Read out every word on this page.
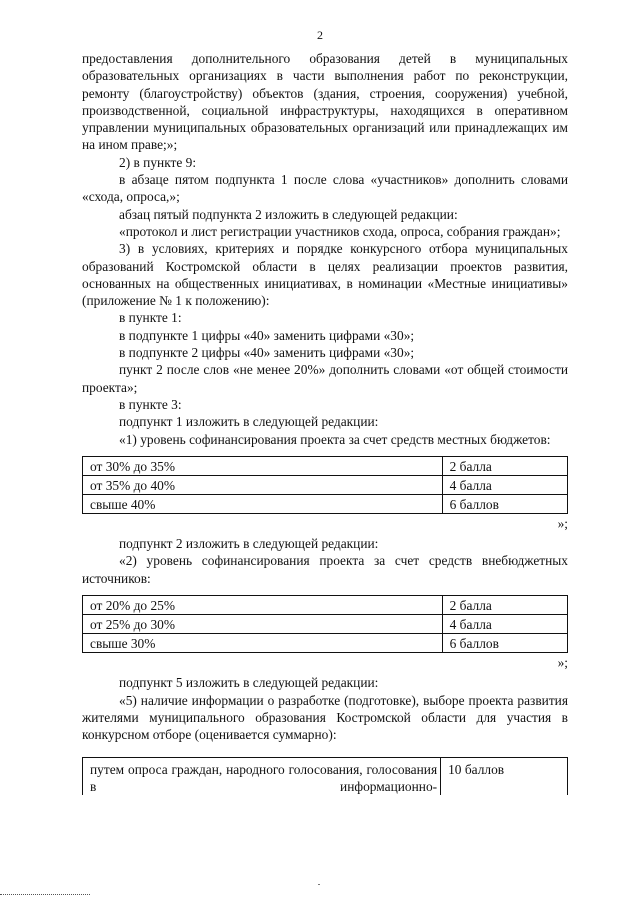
2

предоставления дополнительного образования детей в муниципальных образовательных организациях в части выполнения работ по реконструкции, ремонту (благоустройству) объектов (здания, строения, сооружения) учебной, производственной, социальной инфраструктуры, находящихся в оперативном управлении муниципальных образовательных организаций или принадлежащих им на ином праве;»;

2) в пункте 9:

в абзаце пятом подпункта 1 после слова «участников» дополнить словами «схода, опроса,»;

абзац пятый подпункта 2 изложить в следующей редакции:

«протокол и лист регистрации участников схода, опроса, собрания граждан»;

3) в условиях, критериях и порядке конкурсного отбора муниципальных образований Костромской области в целях реализации проектов развития, основанных на общественных инициативах, в номинации «Местные инициативы» (приложение № 1 к положению):

в пункте 1:

в подпункте 1 цифры «40» заменить цифрами «30»;

в подпункте 2 цифры «40» заменить цифрами «30»;

пункт 2 после слов «не менее 20%» дополнить словами «от общей стоимости проекта»;

в пункте 3:

подпункт 1 изложить в следующей редакции:

«1) уровень софинансирования проекта за счет средств местных бюджетов:

от 30% до 35%	2 балла
от 35% до 40%	4 балла
свыше 40%	6 баллов
»;

подпункт 2 изложить в следующей редакции:

«2) уровень софинансирования проекта за счет средств внебюджетных источников:

от 20% до 25%	2 балла
от 25% до 30%	4 балла
свыше 30%	6 баллов
»;

подпункт 5 изложить в следующей редакции:

«5) наличие информации о разработке (подготовке), выборе проекта развития жителями муниципального образования Костромской области для участия в конкурсном отборе (оценивается суммарно):

путем опроса граждан, народного голосования, голосования в информационно-	10 баллов
